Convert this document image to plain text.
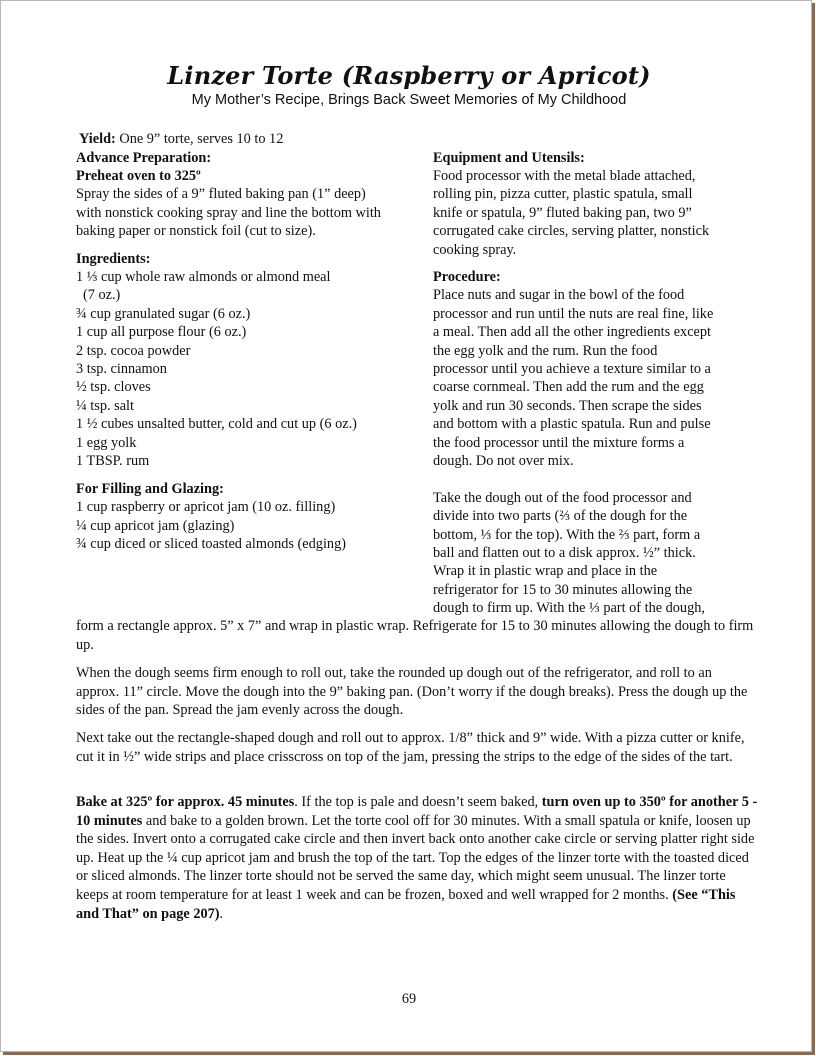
Linzer Torte (Raspberry or Apricot)
My Mother’s Recipe, Brings Back Sweet Memories of My Childhood
Yield: One 9” torte, serves 10 to 12
Advance Preparation:
Preheat oven to 325º
Spray the sides of a 9” fluted baking pan (1” deep)
with nonstick cooking spray and line the bottom with
baking paper or nonstick foil (cut to size).
Ingredients:
1 ⅓ cup whole raw almonds or almond meal
(7 oz.)
¾ cup granulated sugar (6 oz.)
1 cup all purpose flour (6 oz.)
2 tsp. cocoa powder
3 tsp. cinnamon
½ tsp. cloves
¼ tsp. salt
1 ½ cubes unsalted butter, cold and cut up (6 oz.)
1 egg yolk
1 TBSP. rum
For Filling and Glazing:
1 cup raspberry or apricot jam (10 oz. filling)
¼ cup apricot jam (glazing)
¾ cup diced or sliced toasted almonds (edging)
Equipment and Utensils:
Food processor with the metal blade attached,
rolling pin, pizza cutter, plastic spatula, small
knife or spatula, 9” fluted baking pan, two 9”
corrugated cake circles, serving platter, nonstick
cooking spray.
Procedure:
Place nuts and sugar in the bowl of the food
processor and run until the nuts are real fine, like
a meal. Then add all the other ingredients except
the egg yolk and the rum. Run the food
processor until you achieve a texture similar to a
coarse cornmeal. Then add the rum and the egg
yolk and run 30 seconds. Then scrape the sides
and bottom with a plastic spatula. Run and pulse
the food processor until the mixture forms a
dough. Do not over mix.
Take the dough out of the food processor and
divide into two parts (⅔ of the dough for the
bottom, ⅓ for the top). With the ⅔ part, form a
ball and flatten out to a disk approx. ½” thick.
Wrap it in plastic wrap and place in the
refrigerator for 15 to 30 minutes allowing the
dough to firm up. With the ⅓ part of the dough,

form a rectangle approx. 5” x 7” and wrap in plastic wrap. Refrigerate for 15 to 30 minutes allowing the dough to firm up.

When the dough seems firm enough to roll out, take the rounded up dough out of the refrigerator, and roll to an approx. 11” circle. Move the dough into the 9” baking pan. (Don’t worry if the dough breaks). Press the dough up the sides of the pan. Spread the jam evenly across the dough.

Next take out the rectangle-shaped dough and roll out to approx. 1/8” thick and 9” wide. With a pizza cutter or knife, cut it in ½” wide strips and place crisscross on top of the jam, pressing the strips to the edge of the sides of the tart.

Bake at 325º for approx. 45 minutes. If the top is pale and doesn’t seem baked, turn oven up to 350º for another 5 - 10 minutes and bake to a golden brown. Let the torte cool off for 30 minutes. With a small spatula or knife, loosen up the sides. Invert onto a corrugated cake circle and then invert back onto another cake circle or serving platter right side up. Heat up the ¼ cup apricot jam and brush the top of the tart. Top the edges of the linzer torte with the toasted diced or sliced almonds. The linzer torte should not be served the same day, which might seem unusual. The linzer torte keeps at room temperature for at least 1 week and can be frozen, boxed and well wrapped for 2 months. (See “This and That” on page 207).

69
